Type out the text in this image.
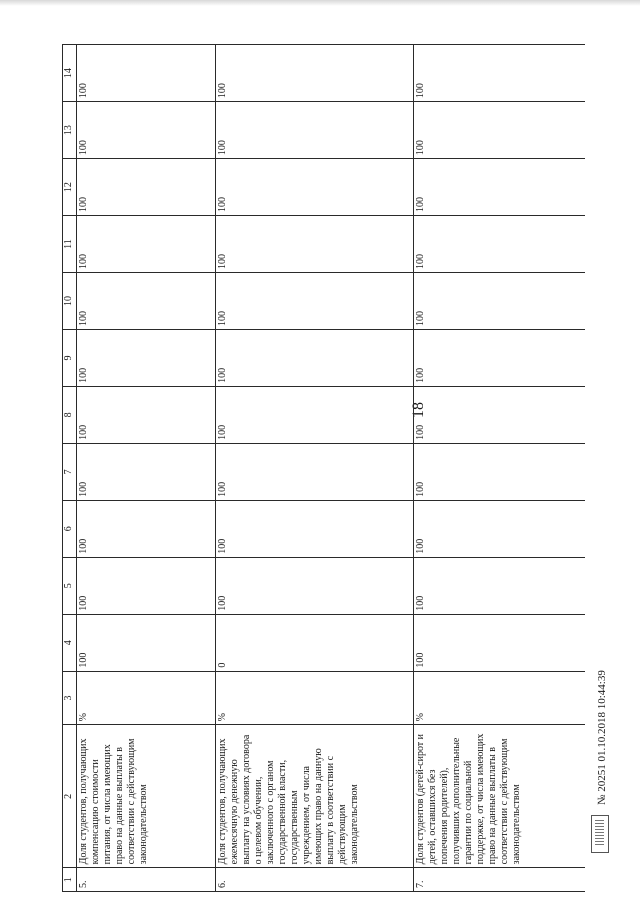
18
1	2	3	4	5	6	7	8	9	10	11	12	13	14
5.	Доля студентов, получающих компенсацию стоимости питания, от числа имеющих право на данные выплаты в соответствии с действующим законодательством	%	100	100	100	100	100	100	100	100	100	100	100
6.	Доля студентов, получающих ежемесячную денежную выплату на условиях договора о целевом обучении, заключенного с органом государственной власти, государственным учреждением, от числа имеющих право на данную выплату в соответствии с действующим законодательством	%	0	100	100	100	100	100	100	100	100	100	100
7.	Доля студентов (детей-сирот и детей, оставшихся без попечения родителей), получивших дополнительные гарантии по социальной поддержке, от числа имеющих право на данные выплаты в соответствии с действующим законодательством	%	100	100	100	100	100	100	100	100	100	100	100
№ 20251 01.10.2018 10:44:39
